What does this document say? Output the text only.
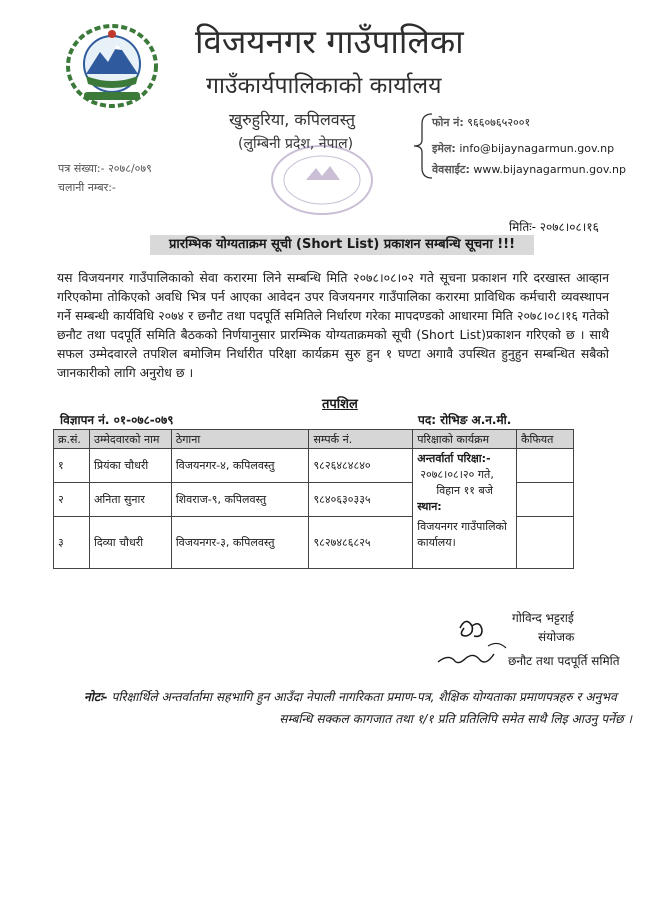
विजयनगर गाउँपालिका
गाउँकार्यपालिकाको कार्यालय
खुरुहुरिया, कपिलवस्तु
(लुम्बिनी प्रदेश, नेपाल)
फोन नं: ९६६०७६५२००१
इमेल: info@bijaynagarmun.gov.np
वेवसाईट: www.bijaynagarmun.gov.np
पत्र संख्या:- २०७८/०७९
चलानी नम्बर:-
मितिः- २०७८।०८।१६
प्रारम्भिक योग्यताक्रम सूची (Short List) प्रकाशन सम्बन्धि सूचना !!!
यस विजयनगर गाउँपालिकाको सेवा करारमा लिने सम्बन्धि मिति २०७८।०८।०२ गते सूचना प्रकाशन गरि दरखास्त आव्हान गरिएकोमा तोकिएको अवधि भित्र पर्न आएका आवेदन उपर विजयनगर गाउँपालिका करारमा प्राविधिक कर्मचारी व्यवस्थापन गर्ने सम्बन्धी कार्यविधि २०७४ र छनौट तथा पदपूर्ति समितिले निर्धारण गरेका मापदण्डको आधारमा मिति २०७८।०८।१६ गतेको छनौट तथा पदपूर्ति समिति बैठकको निर्णयानुसार प्रारम्भिक योग्यताक्रमको सूची (Short List)प्रकाशन गरिएको छ । साथै सफल उम्मेदवारले तपशिल बमोजिम निर्धारीत परिक्षा कार्यक्रम सुरु हुन १ घण्टा अगावै उपस्थित हुनुहुन सम्बन्धित सबैको जानकारीको लागि अनुरोध छ ।
तपशिल
विज्ञापन नं. ०१-०७८-०७९	पद: रोभिङ अ.न.मी.
क्र.सं.	उम्मेदवारको नाम	ठेगाना	सम्पर्क नं.	परिक्षाको कार्यक्रम	कैफियत
१	प्रियंका चौधरी	विजयनगर-४, कपिलवस्तु	९८२६४८४८४०	अन्तर्वार्ता परिक्षा:-
२०७८।०८।२० गते,
विहान ११ बजे
स्थान:
विजयनगर गाउँपालिको कार्यालय।	

२	अनिता सुनार	शिवराज-९, कपिलवस्तु	९८४०६३०३३५		
३	दिव्या चौधरी	विजयनगर-३, कपिलवस्तु	९८२७४८६८२५		
गोविन्द भट्टराई
संयोजक
छनौट तथा पदपूर्ति समिति
नोटः- परिक्षार्थिले अन्तर्वार्तामा सहभागि हुन आउँदा नेपाली नागरिकता प्रमाण-पत्र, शैक्षिक योग्यताका प्रमाणपत्रहरु र अनुभव
सम्बन्धि सक्कल कागजात तथा १/१ प्रति प्रतिलिपि समेत साथै लिइ आउनु पर्नेछ ।
